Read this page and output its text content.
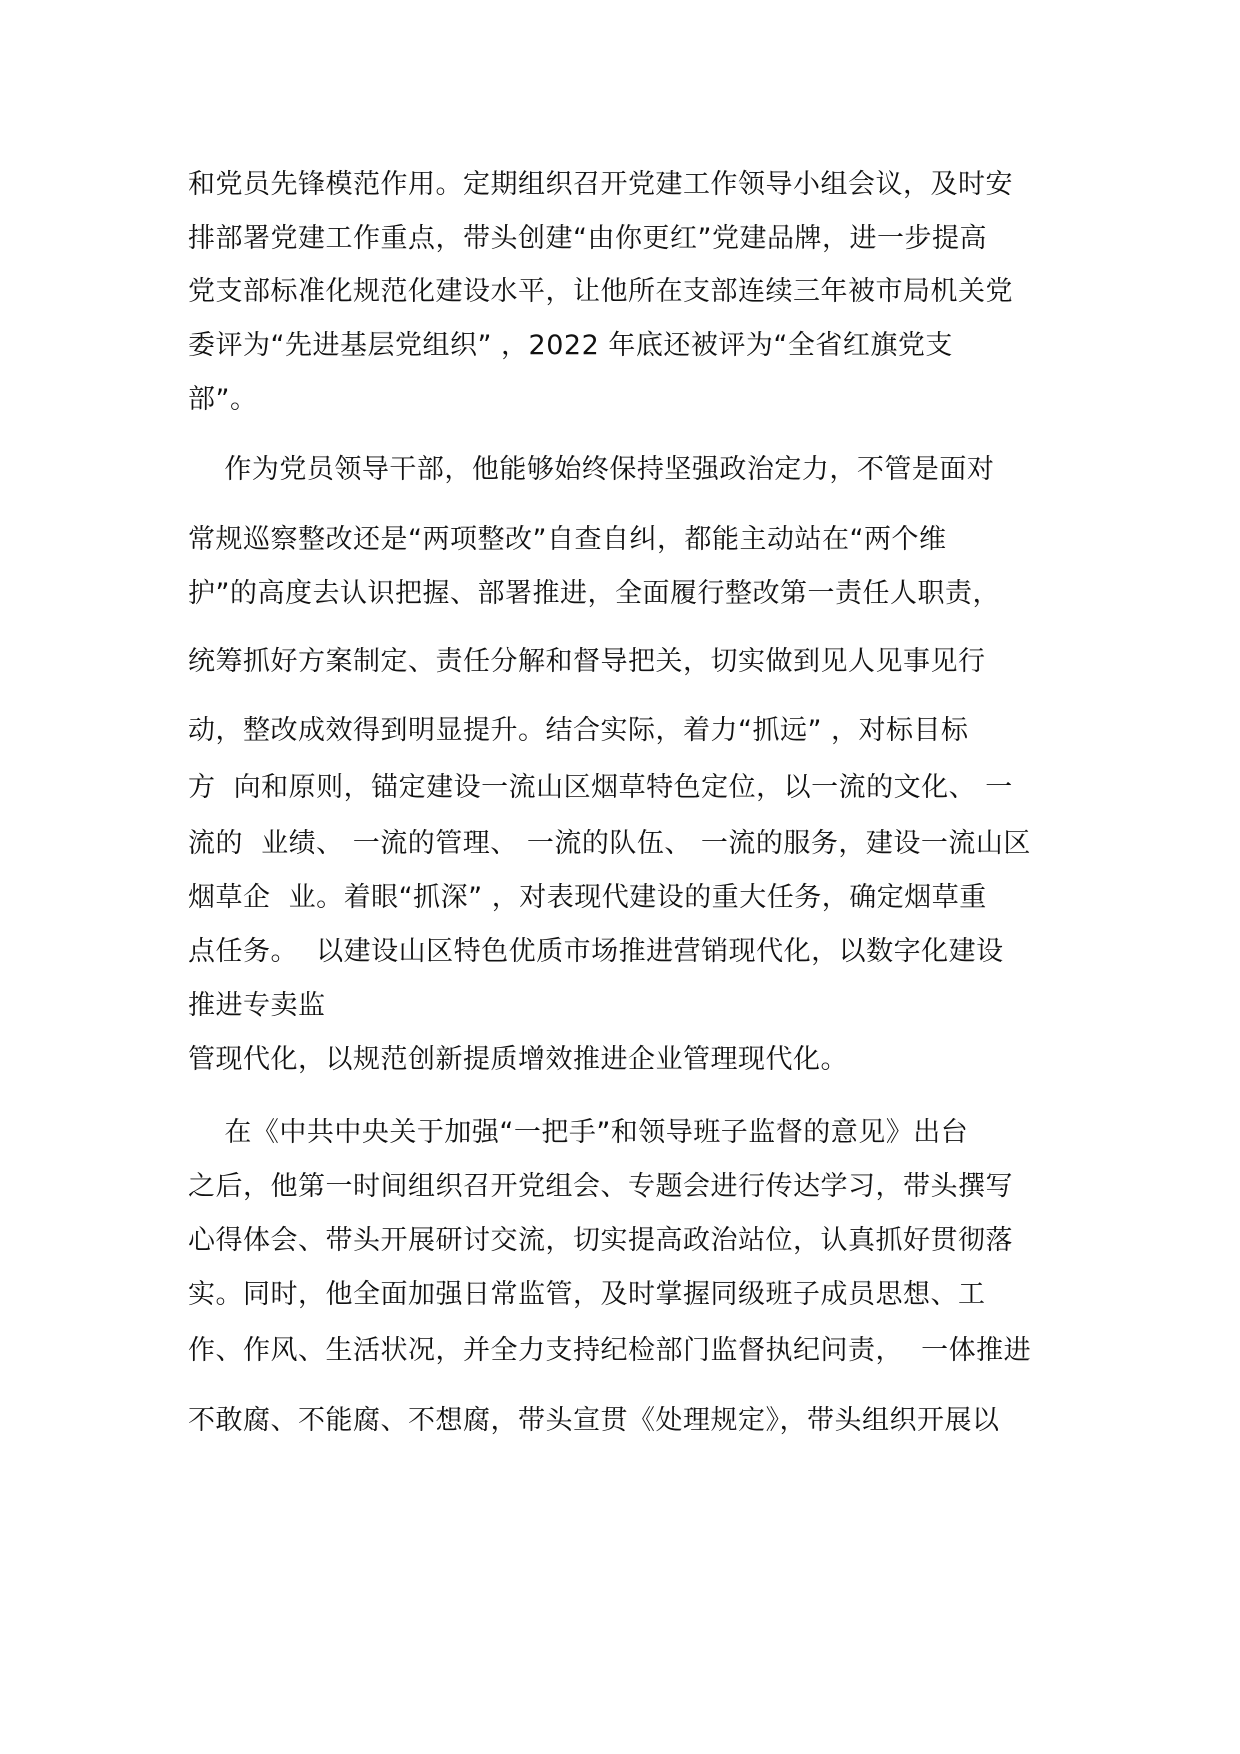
和党员先锋模范作用。定期组织召开党建工作领导小组会议，及时安
排部署党建工作重点，带头创建“由你更红”党建品牌，进一步提高
党支部标准化规范化建设水平，让他所在支部连续三年被市局机关党
委评为“先进基层党组织” ，2022 年底还被评为“全省红旗党支
部”。
作为党员领导干部，他能够始终保持坚强政治定力，不管是面对
常规巡察整改还是“两项整改”自查自纠，都能主动站在“两个维
护”的高度去认识把握、部署推进，全面履行整改第一责任人职责，
统筹抓好方案制定、责任分解和督导把关，切实做到见人见事见行
动，整改成效得到明显提升。结合实际，着力“抓远” ，对标目标
方  向和原则，锚定建设一流山区烟草特色定位，以一流的文化、 一
流的  业绩、 一流的管理、 一流的队伍、 一流的服务，建设一流山区
烟草企  业。着眼“抓深” ，对表现代建设的重大任务，确定烟草重
点任务。  以建设山区特色优质市场推进营销现代化，以数字化建设
推进专卖监
管现代化，以规范创新提质增效推进企业管理现代化。
在《中共中央关于加强“一把手”和领导班子监督的意见》出台
之后，他第一时间组织召开党组会、专题会进行传达学习，带头撰写
心得体会、带头开展研讨交流，切实提高政治站位，认真抓好贯彻落
实。同时，他全面加强日常监管，及时掌握同级班子成员思想、工
作、作风、生活状况，并全力支持纪检部门监督执纪问责，  一体推进
不敢腐、不能腐、不想腐，带头宣贯《处理规定》，带头组织开展以
